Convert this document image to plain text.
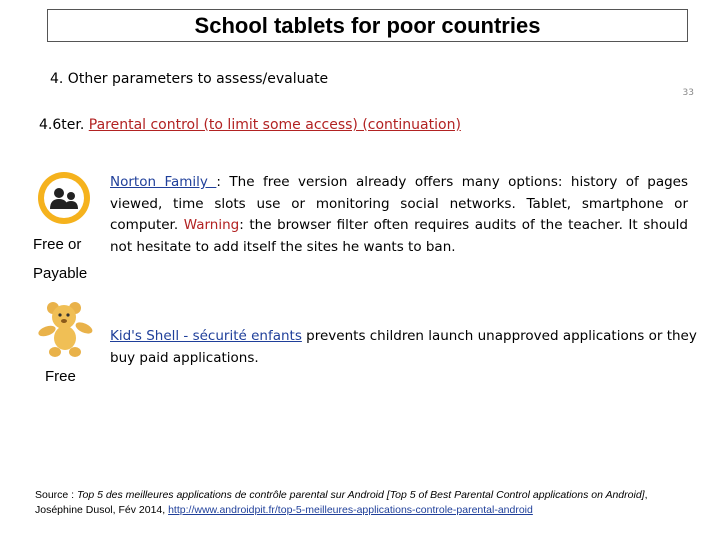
School tablets for poor countries
4. Other parameters to assess/evaluate
33
4.6ter. Parental control (to limit some access) (continuation)
Free or
Payable
Norton Family : The free version already offers many options: history of pages viewed, time slots use or monitoring social networks. Tablet, smartphone or computer. Warning: the browser filter often requires audits of the teacher. It should not hesitate to add itself the sites he wants to ban.
Free
Kid's Shell - sécurité enfants prevents children launch unapproved applications or they buy paid applications.
Source : Top 5 des meilleures applications de contrôle parental sur Android [Top 5 of Best Parental Control applications on Android], Joséphine Dusol, Fév 2014, http://www.androidpit.fr/top-5-meilleures-applications-controle-parental-android
